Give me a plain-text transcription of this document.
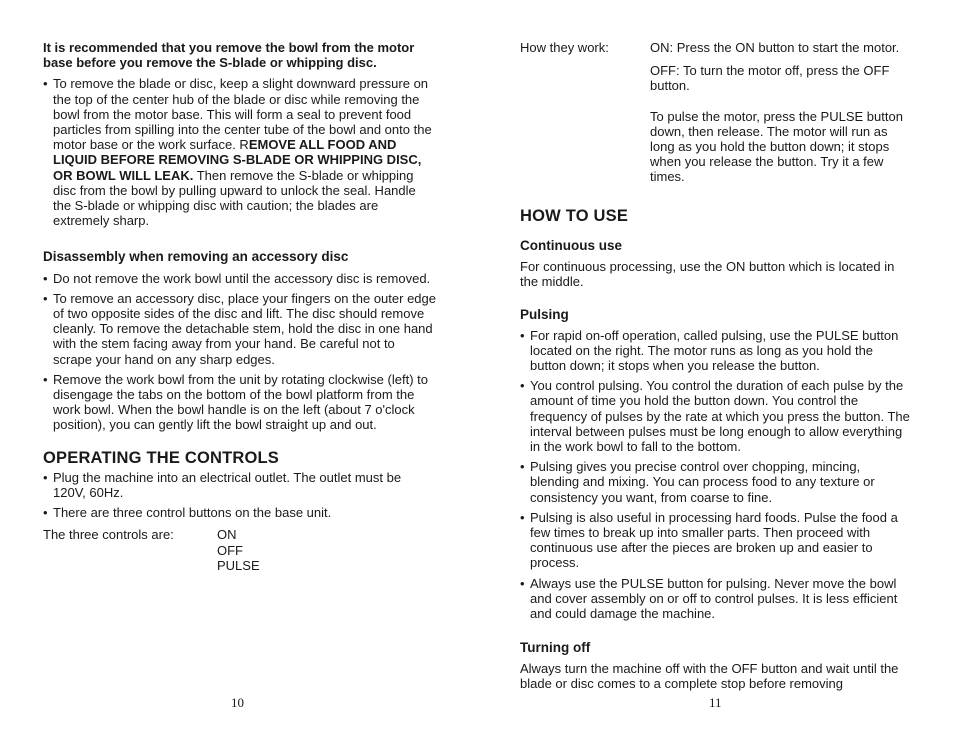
It is recommended that you remove the bowl from the motor base before you remove the S-blade or whipping disc.

• To remove the blade or disc, keep a slight downward pressure on the top of the center hub of the blade or disc while removing the bowl from the motor base. This will form a seal to prevent food particles from spilling into the center tube of the bowl and onto the motor base or the work surface. REMOVE ALL FOOD AND LIQUID BEFORE REMOVING S-BLADE OR WHIPPING DISC, OR BOWL WILL LEAK. Then remove the S-blade or whipping disc from the bowl by pulling upward to unlock the seal. Handle the S-blade or whipping disc with caution; the blades are extremely sharp.
Disassembly when removing an accessory disc
• Do not remove the work bowl until the accessory disc is removed.
• To remove an accessory disc, place your fingers on the outer edge of two opposite sides of the disc and lift. The disc should remove cleanly. To remove the detachable stem, hold the disc in one hand with the stem facing away from your hand. Be careful not to scrape your hand on any sharp edges.
• Remove the work bowl from the unit by rotating clockwise (left) to disengage the tabs on the bottom of the bowl platform from the work bowl. When the bowl handle is on the left (about 7 o'clock position), you can gently lift the bowl straight up and out.
OPERATING THE CONTROLS
• Plug the machine into an electrical outlet. The outlet must be 120V, 60Hz.
• There are three control buttons on the base unit.
The three controls are:	ON
OFF
PULSE
10
How they work:	ON: Press the ON button to start the motor.

OFF: To turn the motor off, press the OFF button.

To pulse the motor, press the PULSE button down, then release. The motor will run as long as you hold the button down; it stops when you release the button. Try it a few times.

HOW TO USE
Continuous use

For continuous processing, use the ON button which is located in the middle.

Pulsing
• For rapid on-off operation, called pulsing, use the PULSE button located on the right. The motor runs as long as you hold the button down; it stops when you release the button.
• You control pulsing. You control the duration of each pulse by the amount of time you hold the button down. You control the frequency of pulses by the rate at which you press the button. The interval between pulses must be long enough to allow everything in the work bowl to fall to the bottom.
• Pulsing gives you precise control over chopping, mincing, blending and mixing. You can process food to any texture or consistency you want, from coarse to fine.
• Pulsing is also useful in processing hard foods. Pulse the food a few times to break up into smaller parts. Then proceed with continuous use after the pieces are broken up and easier to process.
• Always use the PULSE button for pulsing. Never move the bowl and cover assembly on or off to control pulses. It is less efficient and could damage the machine.
Turning off

Always turn the machine off with the OFF button and wait until the blade or disc comes to a complete stop before removing

11
